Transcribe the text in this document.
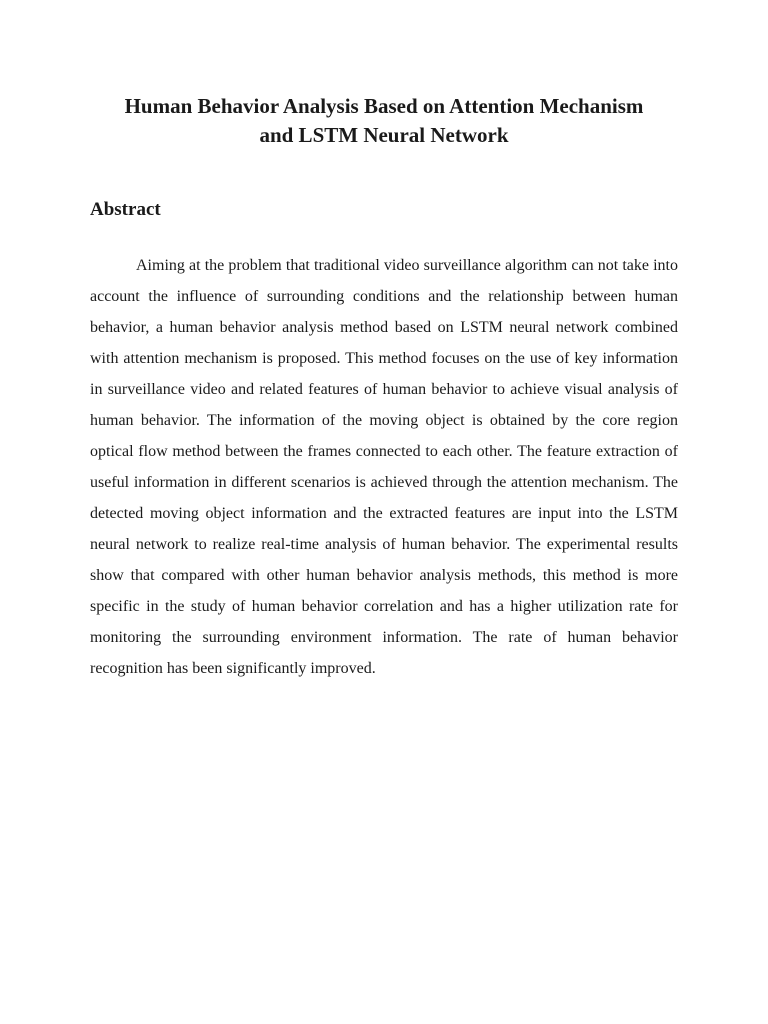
Human Behavior Analysis Based on Attention Mechanism
and LSTM Neural Network
Abstract

Aiming at the problem that traditional video surveillance algorithm can not take into account the influence of surrounding conditions and the relationship between human behavior, a human behavior analysis method based on LSTM neural network combined with attention mechanism is proposed. This method focuses on the use of key information in surveillance video and related features of human behavior to achieve visual analysis of human behavior. The information of the moving object is obtained by the core region optical flow method between the frames connected to each other. The feature extraction of useful information in different scenarios is achieved through the attention mechanism. The detected moving object information and the extracted features are input into the LSTM neural network to realize real-time analysis of human behavior. The experimental results show that compared with other human behavior analysis methods, this method is more specific in the study of human behavior correlation and has a higher utilization rate for monitoring the surrounding environment information. The rate of human behavior recognition has been significantly improved.
